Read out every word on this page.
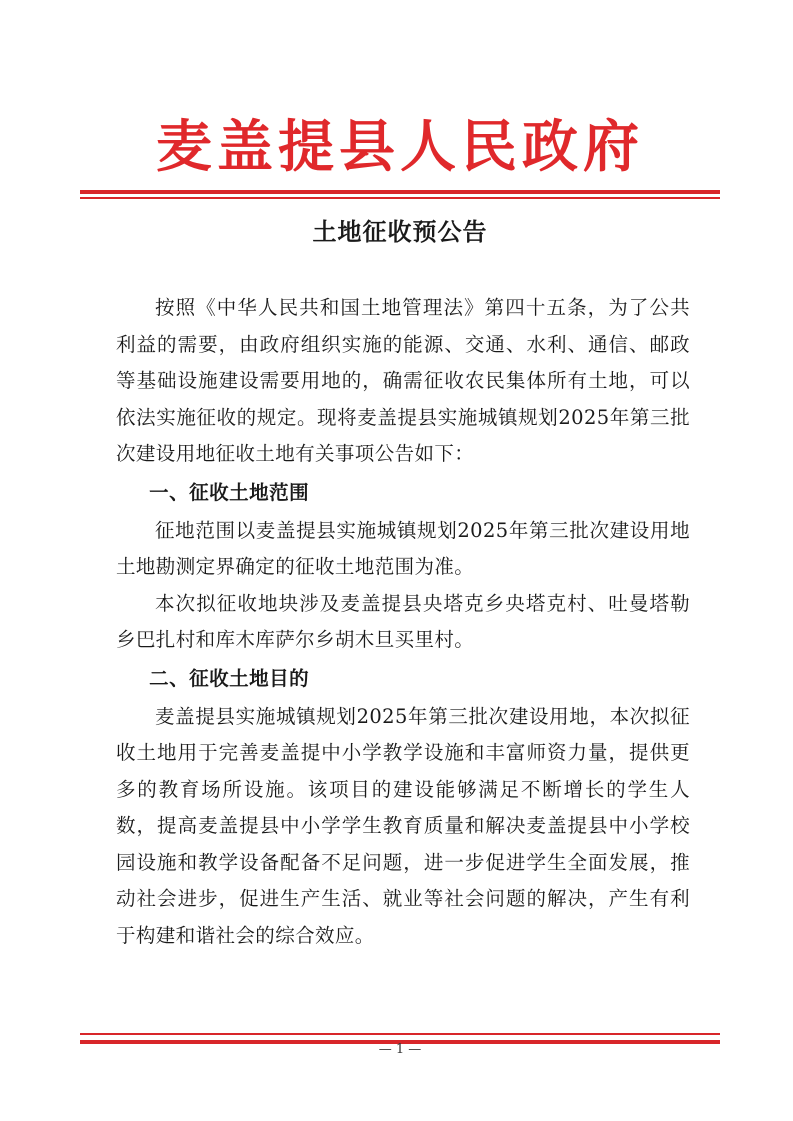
麦盖提县人民政府
土地征收预公告

按照《中华人民共和国土地管理法》第四十五条，为了公共利益的需要，由政府组织实施的能源、交通、水利、通信、邮政等基础设施建设需要用地的，确需征收农民集体所有土地，可以依法实施征收的规定。现将麦盖提县实施城镇规划2025年第三批次建设用地征收土地有关事项公告如下：

一、征收土地范围

征地范围以麦盖提县实施城镇规划2025年第三批次建设用地土地勘测定界确定的征收土地范围为准。

本次拟征收地块涉及麦盖提县央塔克乡央塔克村、吐曼塔勒乡巴扎村和库木库萨尔乡胡木旦买里村。

二、征收土地目的

麦盖提县实施城镇规划2025年第三批次建设用地，本次拟征收土地用于完善麦盖提中小学教学设施和丰富师资力量，提供更多的教育场所设施。该项目的建设能够满足不断增长的学生人数，提高麦盖提县中小学学生教育质量和解决麦盖提县中小学校园设施和教学设备配备不足问题，进一步促进学生全面发展，推动社会进步，促进生产生活、就业等社会问题的解决，产生有利于构建和谐社会的综合效应。

— 1 —
